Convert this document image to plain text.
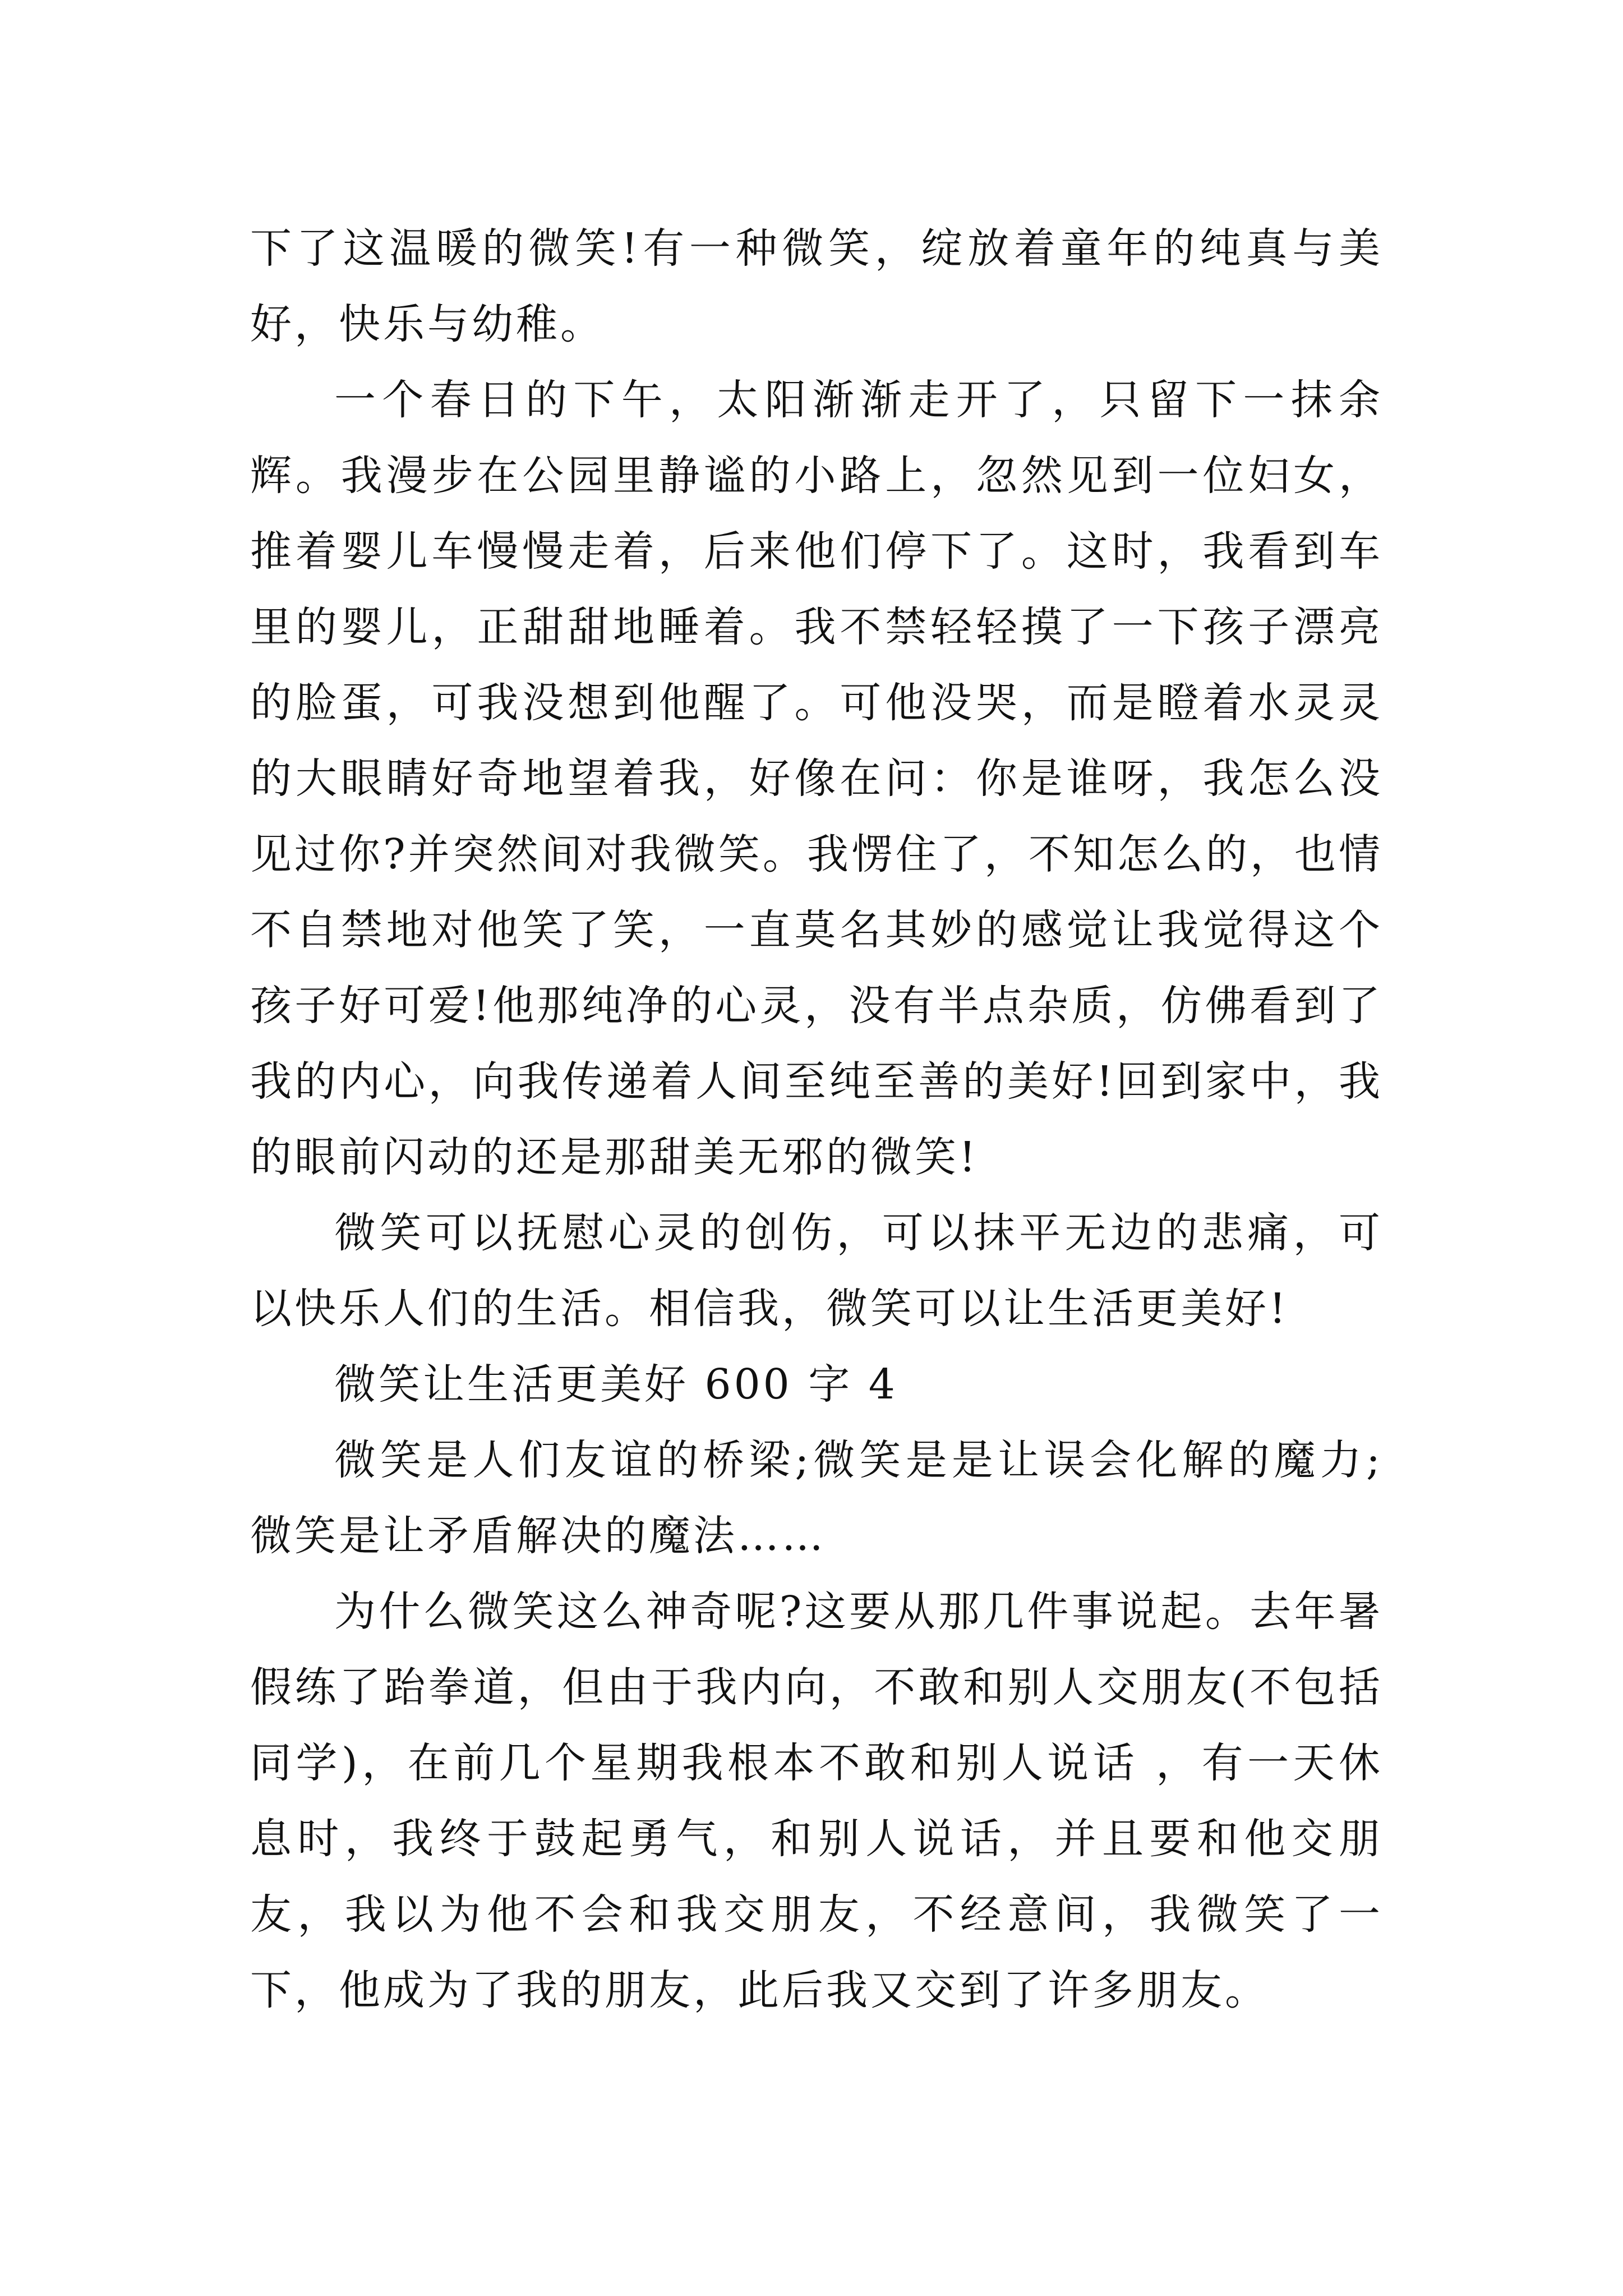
下了这温暖的微笑!有一种微笑，绽放着童年的纯真与美好，快乐与幼稚。

一个春日的下午，太阳渐渐走开了，只留下一抹余辉。我漫步在公园里静谧的小路上，忽然见到一位妇女，推着婴儿车慢慢走着，后来他们停下了。这时，我看到车里的婴儿，正甜甜地睡着。我不禁轻轻摸了一下孩子漂亮的脸蛋，可我没想到他醒了。可他没哭，而是瞪着水灵灵的大眼睛好奇地望着我，好像在问：你是谁呀，我怎么没见过你?并突然间对我微笑。我愣住了，不知怎么的，也情不自禁地对他笑了笑，一直莫名其妙的感觉让我觉得这个孩子好可爱!他那纯净的心灵，没有半点杂质，仿佛看到了我的内心，向我传递着人间至纯至善的美好!回到家中，我的眼前闪动的还是那甜美无邪的微笑!

微笑可以抚慰心灵的创伤，可以抹平无边的悲痛，可以快乐人们的生活。相信我，微笑可以让生活更美好!

微笑让生活更美好 600 字 4

微笑是人们友谊的桥梁;微笑是是让误会化解的魔力;微笑是让矛盾解决的魔法……

为什么微笑这么神奇呢?这要从那几件事说起。去年暑假练了跆拳道，但由于我内向，不敢和别人交朋友(不包括同学)，在前几个星期我根本不敢和别人说话 ，有一天休息时，我终于鼓起勇气，和别人说话，并且要和他交朋友，我以为他不会和我交朋友，不经意间，我微笑了一下，他成为了我的朋友，此后我又交到了许多朋友。
